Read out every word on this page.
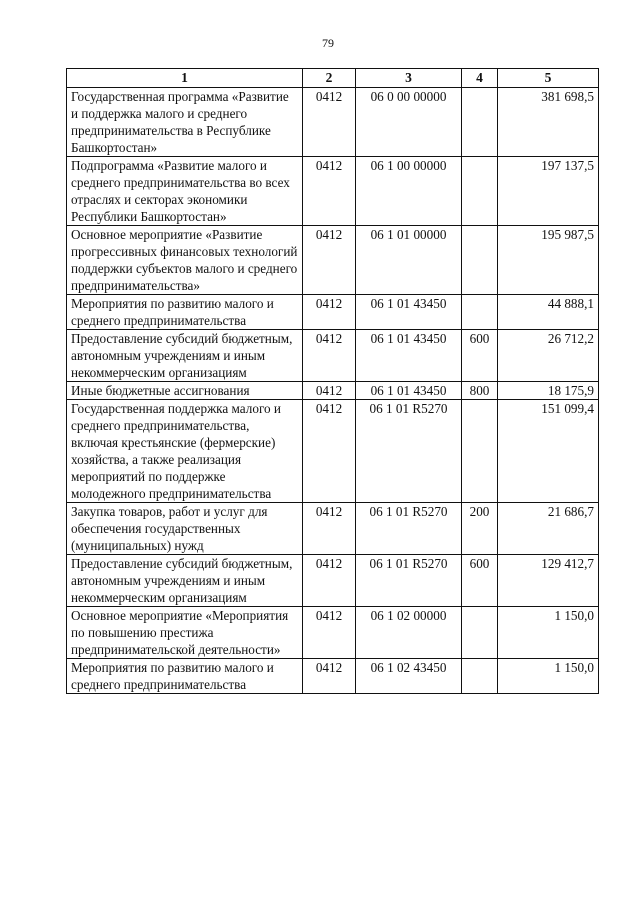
79
1	2	3	4	5
Государственная программа «Развитие и поддержка малого и среднего предпринимательства в Республике Башкортостан»	0412	06 0 00 00000		381 698,5
Подпрограмма «Развитие малого и среднего предпринимательства во всех отраслях и секторах экономики Республики Башкортостан»	0412	06 1 00 00000		197 137,5
Основное мероприятие «Развитие прогрессивных финансовых технологий поддержки субъектов малого и среднего предпринимательства»	0412	06 1 01 00000		195 987,5
Мероприятия по развитию малого и среднего предпринимательства	0412	06 1 01 43450		44 888,1
Предоставление субсидий бюджетным, автономным учреждениям и иным некоммерческим организациям	0412	06 1 01 43450	600	26 712,2
Иные бюджетные ассигнования	0412	06 1 01 43450	800	18 175,9
Государственная поддержка малого и среднего предпринимательства, включая крестьянские (фермерские) хозяйства, а также реализация мероприятий по поддержке молодежного предпринимательства	0412	06 1 01 R5270		151 099,4
Закупка товаров, работ и услуг для обеспечения государственных (муниципальных) нужд	0412	06 1 01 R5270	200	21 686,7
Предоставление субсидий бюджетным, автономным учреждениям и иным некоммерческим организациям	0412	06 1 01 R5270	600	129 412,7
Основное мероприятие «Мероприятия по повышению престижа предпринимательской деятельности»	0412	06 1 02 00000		1 150,0
Мероприятия по развитию малого и среднего предпринимательства	0412	06 1 02 43450		1 150,0
